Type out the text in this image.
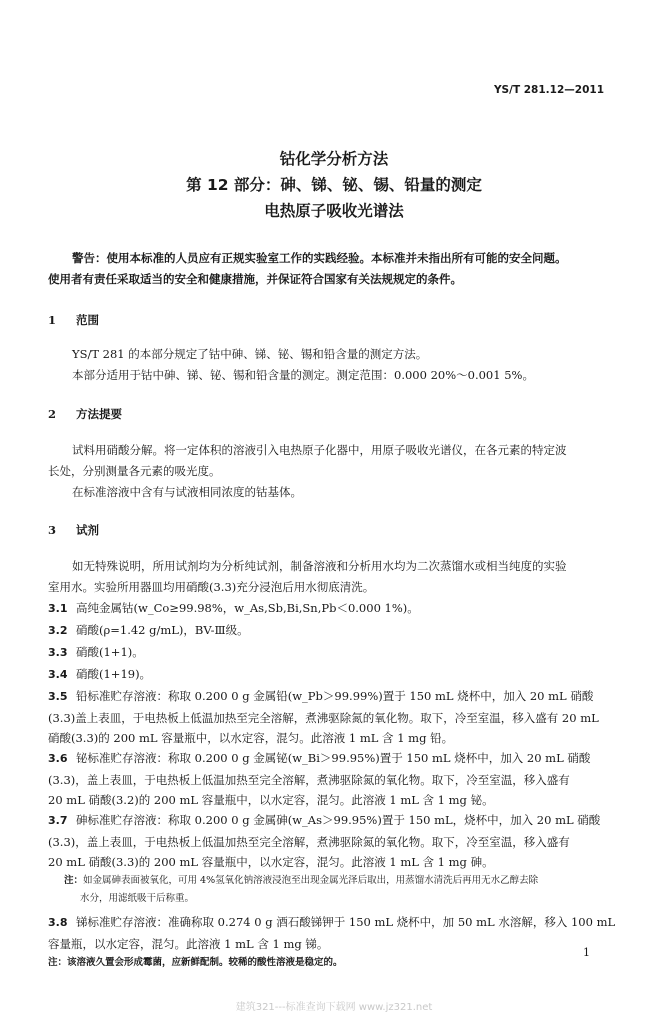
YS/T 281.12—2011
钴化学分析方法
第 12 部分：砷、锑、铋、锡、铅量的测定
电热原子吸收光谱法
警告：使用本标准的人员应有正规实验室工作的实践经验。本标准并未指出所有可能的安全问题。
使用者有责任采取适当的安全和健康措施，并保证符合国家有关法规规定的条件。
1 范围
YS/T 281 的本部分规定了钴中砷、锑、铋、锡和铅含量的测定方法。
本部分适用于钴中砷、锑、铋、锡和铅含量的测定。测定范围：0.000 20%～0.001 5%。
2 方法提要
试料用硝酸分解。将一定体积的溶液引入电热原子化器中，用原子吸收光谱仪，在各元素的特定波
长处，分别测量各元素的吸光度。
在标准溶液中含有与试液相同浓度的钴基体。
3 试剂
如无特殊说明，所用试剂均为分析纯试剂，制备溶液和分析用水均为二次蒸馏水或相当纯度的实验
室用水。实验所用器皿均用硝酸(3.3)充分浸泡后用水彻底清洗。
3.1 高纯金属钴(w_Co≥99.98%，w_As,Sb,Bi,Sn,Pb＜0.000 1%)。
3.2 硝酸(ρ=1.42 g/mL)，BV-Ⅲ级。
3.3 硝酸(1+1)。
3.4 硝酸(1+19)。
3.5 铅标准贮存溶液：称取 0.200 0 g 金属铅(w_Pb＞99.99%)置于 150 mL 烧杯中，加入 20 mL 硝酸
(3.3)盖上表皿，于电热板上低温加热至完全溶解，煮沸驱除氮的氧化物。取下，冷至室温，移入盛有 20 mL
硝酸(3.3)的 200 mL 容量瓶中，以水定容，混匀。此溶液 1 mL 含 1 mg 铅。
3.6 铋标准贮存溶液：称取 0.200 0 g 金属铋(w_Bi＞99.95%)置于 150 mL 烧杯中，加入 20 mL 硝酸
(3.3)，盖上表皿，于电热板上低温加热至完全溶解，煮沸驱除氮的氧化物。取下，冷至室温，移入盛有
20 mL 硝酸(3.2)的 200 mL 容量瓶中，以水定容，混匀。此溶液 1 mL 含 1 mg 铋。
3.7 砷标准贮存溶液：称取 0.200 0 g 金属砷(w_As＞99.95%)置于 150 mL，烧杯中，加入 20 mL 硝酸
(3.3)，盖上表皿，于电热板上低温加热至完全溶解，煮沸驱除氮的氧化物。取下，冷至室温，移入盛有
20 mL 硝酸(3.3)的 200 mL 容量瓶中，以水定容，混匀。此溶液 1 mL 含 1 mg 砷。
注：如金属砷表面被氧化，可用 4%氢氧化钠溶液浸泡至出现金属光泽后取出，用蒸馏水清洗后再用无水乙醇去除
水分，用滤纸吸干后称重。
3.8 锑标准贮存溶液：准确称取 0.274 0 g 酒石酸锑钾于 150 mL 烧杯中，加 50 mL 水溶解，移入 100 mL
容量瓶，以水定容，混匀。此溶液 1 mL 含 1 mg 锑。
注：该溶液久置会形成霉菌，应新鲜配制。较稀的酸性溶液是稳定的。
1
建筑321---标准查询下载网 www.jz321.net
